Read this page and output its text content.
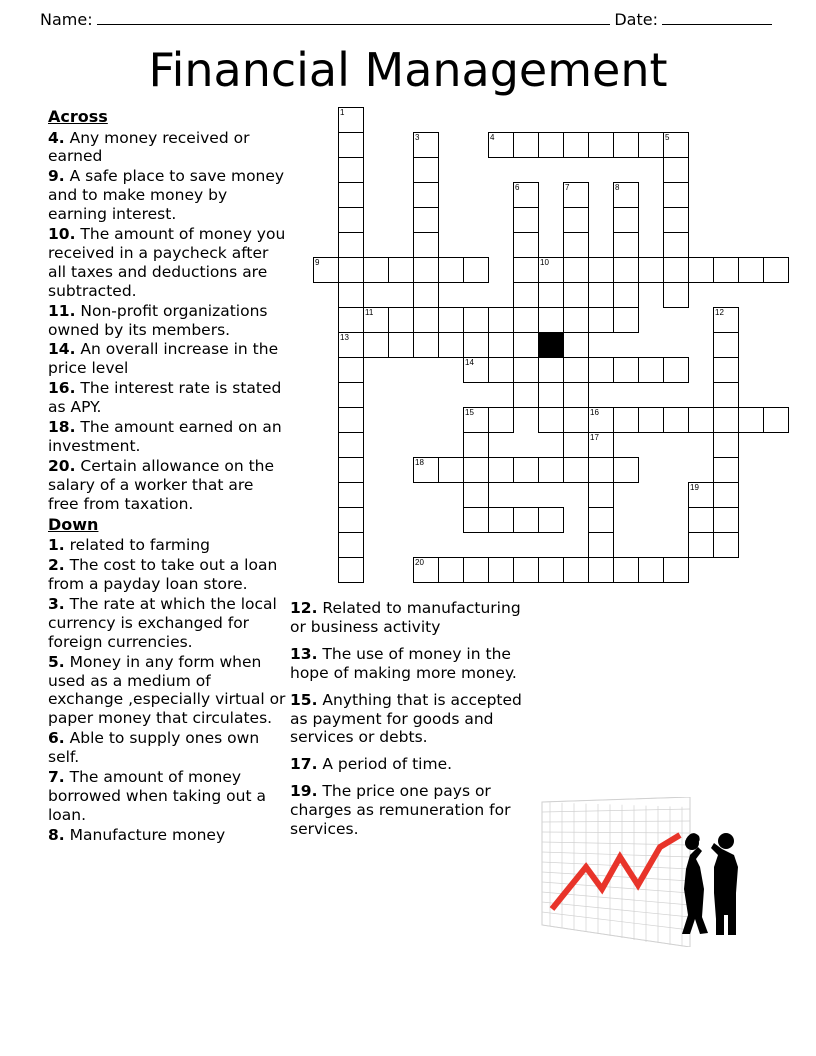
Name:	Date:
Financial Management
Across
4. Any money received or earned
9. A safe place to save money and to make money by earning interest.
10. The amount of money you received in a paycheck after all taxes and deductions are subtracted.
11. Non-profit organizations owned by its members.
14. An overall increase in the price level
16. The interest rate is stated as APY.
18. The amount earned on an investment.
20. Certain allowance on the salary of a worker that are free from taxation.
Down
1. related to farming
2. The cost to take out a loan from a payday loan store.
3. The rate at which the local currency is exchanged for foreign currencies.
5. Money in any form when used as a medium of exchange ,especially virtual or paper money that circulates.
6. Able to supply ones own self.
7. The amount of money borrowed when taking out a loan.
8. Manufacture money
12. Related to manufacturing or business activity
13. The use of money in the hope of making more money.
15. Anything that is accepted as payment for goods and services or debts.
17. A period of time.
19. The price one pays or charges as remuneration for services.
1
13
3	4	5
6	7	8
9	10
11	12
14
15	16
17
18
19
20
